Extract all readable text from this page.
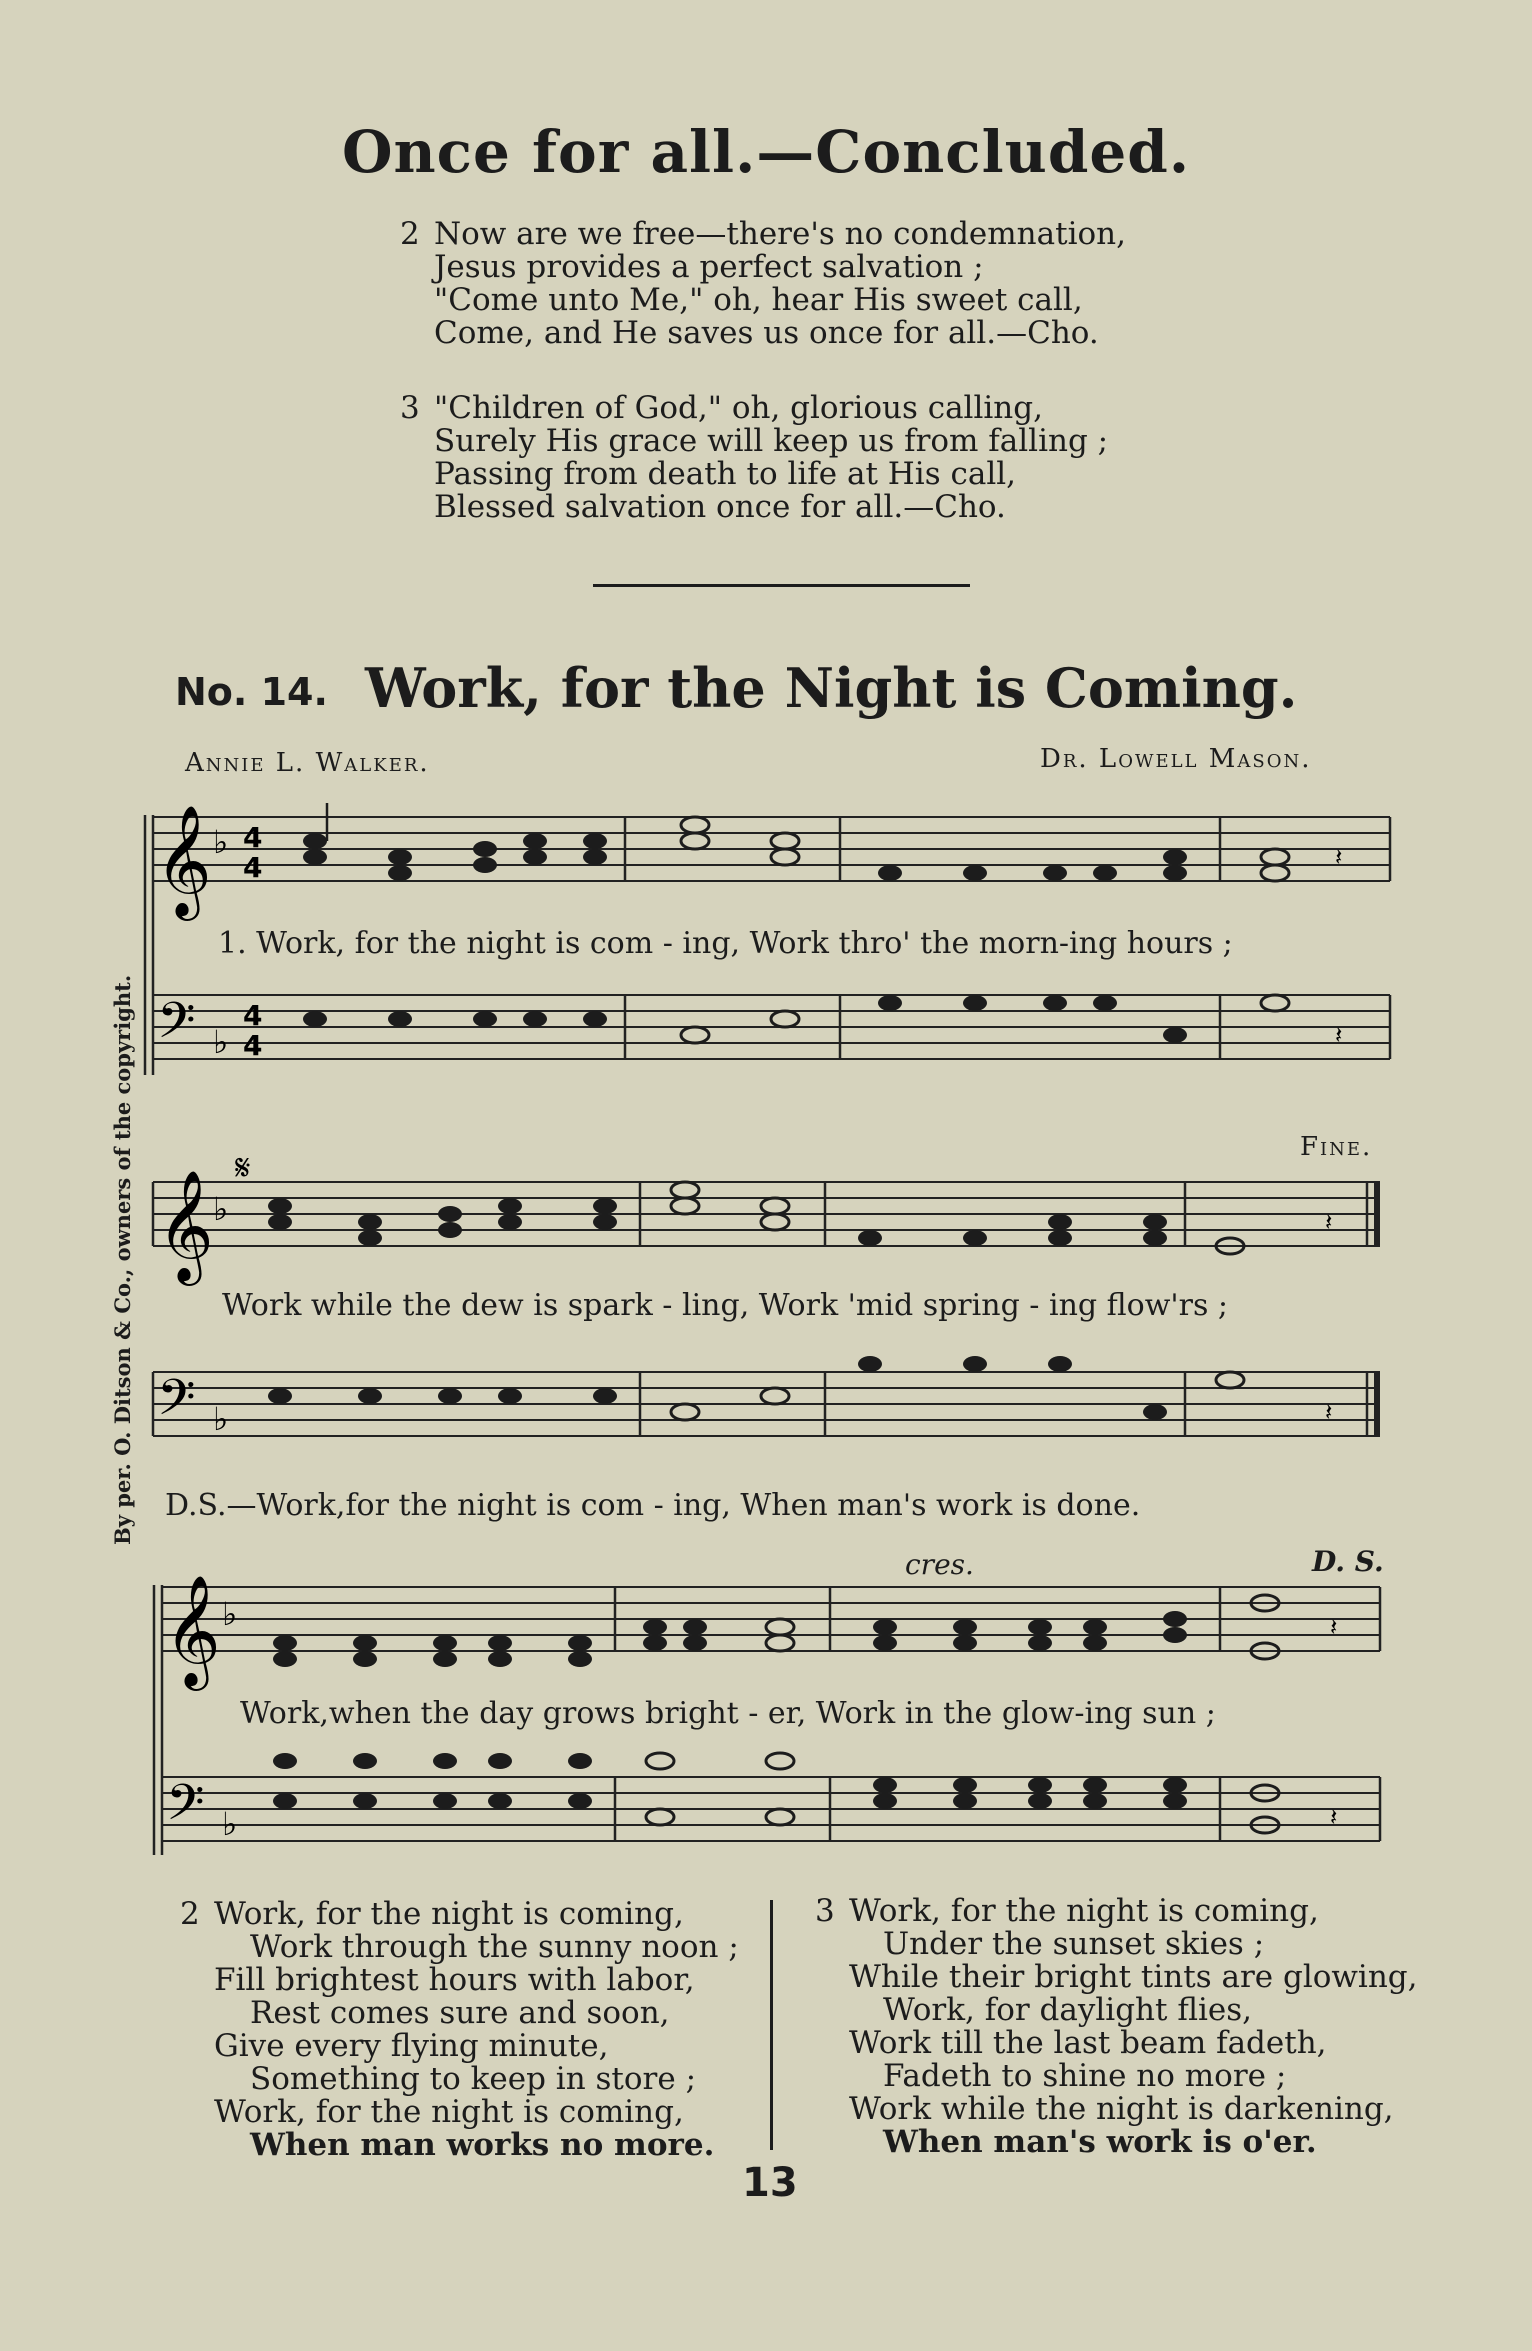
Once for all.—Concluded.
2 Now are we free—there's no condemnation,
Jesus provides a perfect salvation ;
"Come unto Me," oh, hear His sweet call,
Come, and He saves us once for all.—Cho.
3 "Children of God," oh, glorious calling,
Surely His grace will keep us from falling ;
Passing from death to life at His call,
Blessed salvation once for all.—Cho.
No. 14. Work, for the Night is Coming.
Annie L. Walker.	Dr. Lowell Mason.
By per. O. Ditson & Co., owners of the copyright.
𝄞 ♭ 4
4	𝄽
𝄢 ♭
4
4	𝄽
1. Work, for the night is com - ing, Work thro' the morn-ing hours ;
𝄋
𝄞 ♭	𝄽
𝄢 ♭	𝄽
Fine.
Work while the dew is spark - ling, Work 'mid spring - ing flow'rs ;
D.S.—Work,for the night is com - ing, When man's work is done.
𝄞 ♭	𝄽
𝄢 ♭	𝄽
cres.	D. S.
Work,when the day grows bright - er, Work in the glow-ing sun ;
2 Work, for the night is coming,
Work through the sunny noon ;
Fill brightest hours with labor,
Rest comes sure and soon,
Give every flying minute,
Something to keep in store ;
Work, for the night is coming,
When man works no more.
3 Work, for the night is coming,
Under the sunset skies ;
While their bright tints are glowing,
Work, for daylight flies,
Work till the last beam fadeth,
Fadeth to shine no more ;
Work while the night is darkening,
When man's work is o'er.
13
